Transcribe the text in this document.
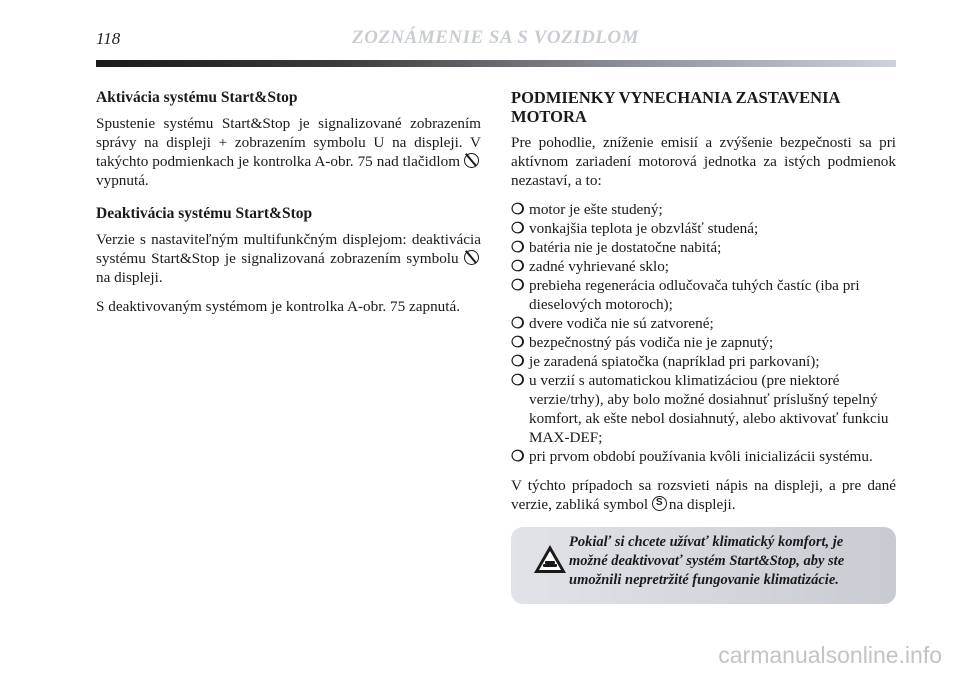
118	ZOZNÁMENIE SA S VOZIDLOM
Aktivácia systému Start&Stop

Spustenie systému Start&Stop je signalizované zobrazením správy na displeji + zobrazením symbolu U na displeji. V takýchto podmienkach je kontrolka A-obr. 75 nad tlačidlom vypnutá.

Deaktivácia systému Start&Stop

Verzie s nastaviteľným multifunkčným displejom: deaktivácia systému Start&Stop je signalizovaná zobrazením symbolu  na displeji.

S deaktivovaným systémom je kontrolka A-obr. 75 zapnutá.

PODMIENKY VYNECHANIA ZASTAVENIA MOTORA

Pre pohodlie, zníženie emisií a zvýšenie bezpečnosti sa pri aktívnom zariadení motorová jednotka za istých podmienok nezastaví, a to:

❍ motor je ešte studený;
❍ vonkajšia teplota je obzvlášť studená;
❍ batéria nie je dostatočne nabitá;
❍ zadné vyhrievané sklo;
❍ prebieha regenerácia odlučovača tuhých častíc (iba pri dieselových motoroch);
❍ dvere vodiča nie sú zatvorené;
❍ bezpečnostný pás vodiča nie je zapnutý;
❍ je zaradená spiatočka (napríklad pri parkovaní);
❍ u verzií s automatickou klimatizáciou (pre niektoré verzie/trhy), aby bolo možné dosiahnuť príslušný tepelný komfort, ak ešte nebol dosiahnutý, alebo aktivovať funkciu MAX-DEF;
❍ pri prvom období používania kvôli inicializácii systému.

V týchto prípadoch sa rozsvieti nápis na displeji, a pre dané verzie, zabliká symbol S na displeji.

Pokiaľ si chcete užívať klimatický komfort, je možné deaktivovať systém Start&Stop, aby ste umožnili nepretržité fungovanie klimatizácie.
carmanualsonline.info
